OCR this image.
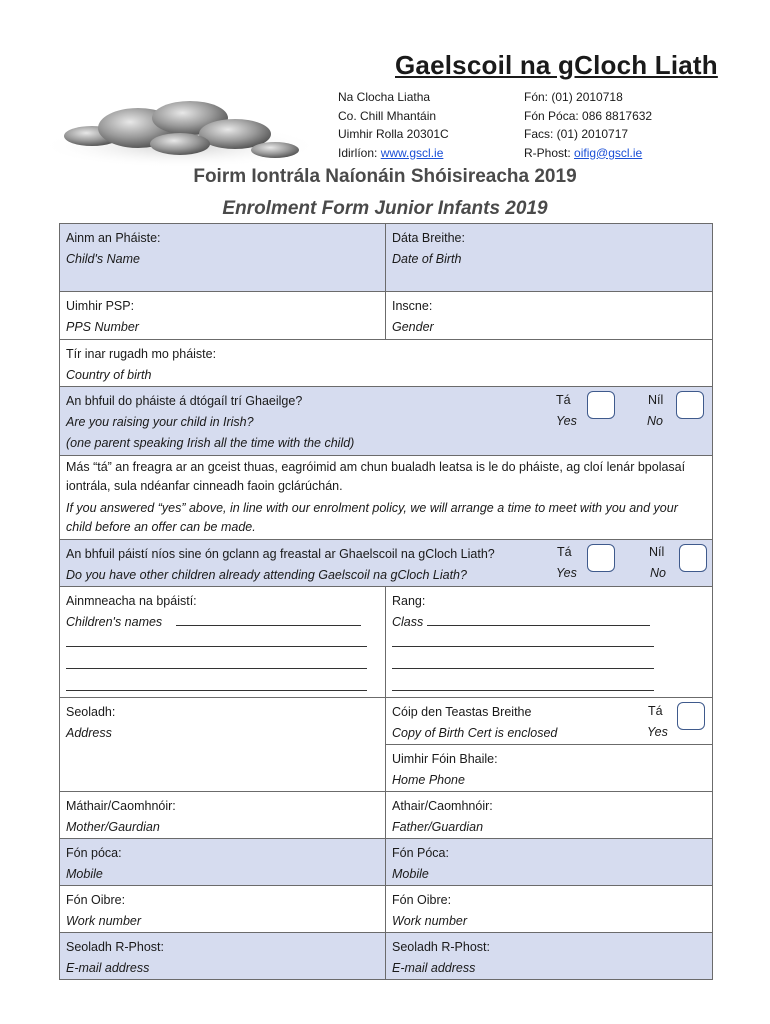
Gaelscoil na gCloch Liath
Na Clocha Liatha
Co. Chill Mhantáin
Uimhir Rolla 20301C
Idirlíon: www.gscl.ie
Fón: (01) 2010718
Fón Póca: 086 8817632
Facs: (01) 2010717
R-Phost: oifig@gscl.ie
Foirm Iontrála Naíonáin Shóisireacha 2019
Enrolment Form Junior Infants 2019
Ainm an Pháiste:
Child's Name
Dáta Breithe:
Date of Birth
Uimhir PSP:
PPS Number
Inscne:
Gender
Tír inar rugadh mo pháiste:
Country of birth
An bhfuil do pháiste á dtógaíl trí Ghaeilge?
Are you raising your child in Irish?
(one parent speaking Irish all the time with the child)
Tá
Yes
Níl
No
Más “tá” an freagra ar an gceist thuas, eagróimid am chun bualadh leatsa is le do pháiste, ag cloí lenár bpolasaí iontrála, sula ndéanfar cinneadh faoin gclárúchán.
If you answered “yes” above, in line with our enrolment policy, we will arrange a time to meet with you and your child before an offer can be made.
An bhfuil páistí níos sine ón gclann ag freastal ar Ghaelscoil na gCloch Liath?
Do you have other children already attending Gaelscoil na gCloch Liath?
Tá
Yes
Níl
No
Ainmneacha na bpáistí:
Children's names
Rang:
Class
Seoladh:
Address
Cóip den Teastas Breithe
Copy of Birth Cert is enclosed
Tá
Yes
Uimhir Fóin Bhaile:
Home Phone
Máthair/Caomhnóir:
Mother/Gaurdian
Athair/Caomhnóir:
Father/Guardian
Fón póca:
Mobile
Fón Póca:
Mobile
Fón Oibre:
Work number
Fón Oibre:
Work number
Seoladh R-Phost:
E-mail address
Seoladh R-Phost:
E-mail address
